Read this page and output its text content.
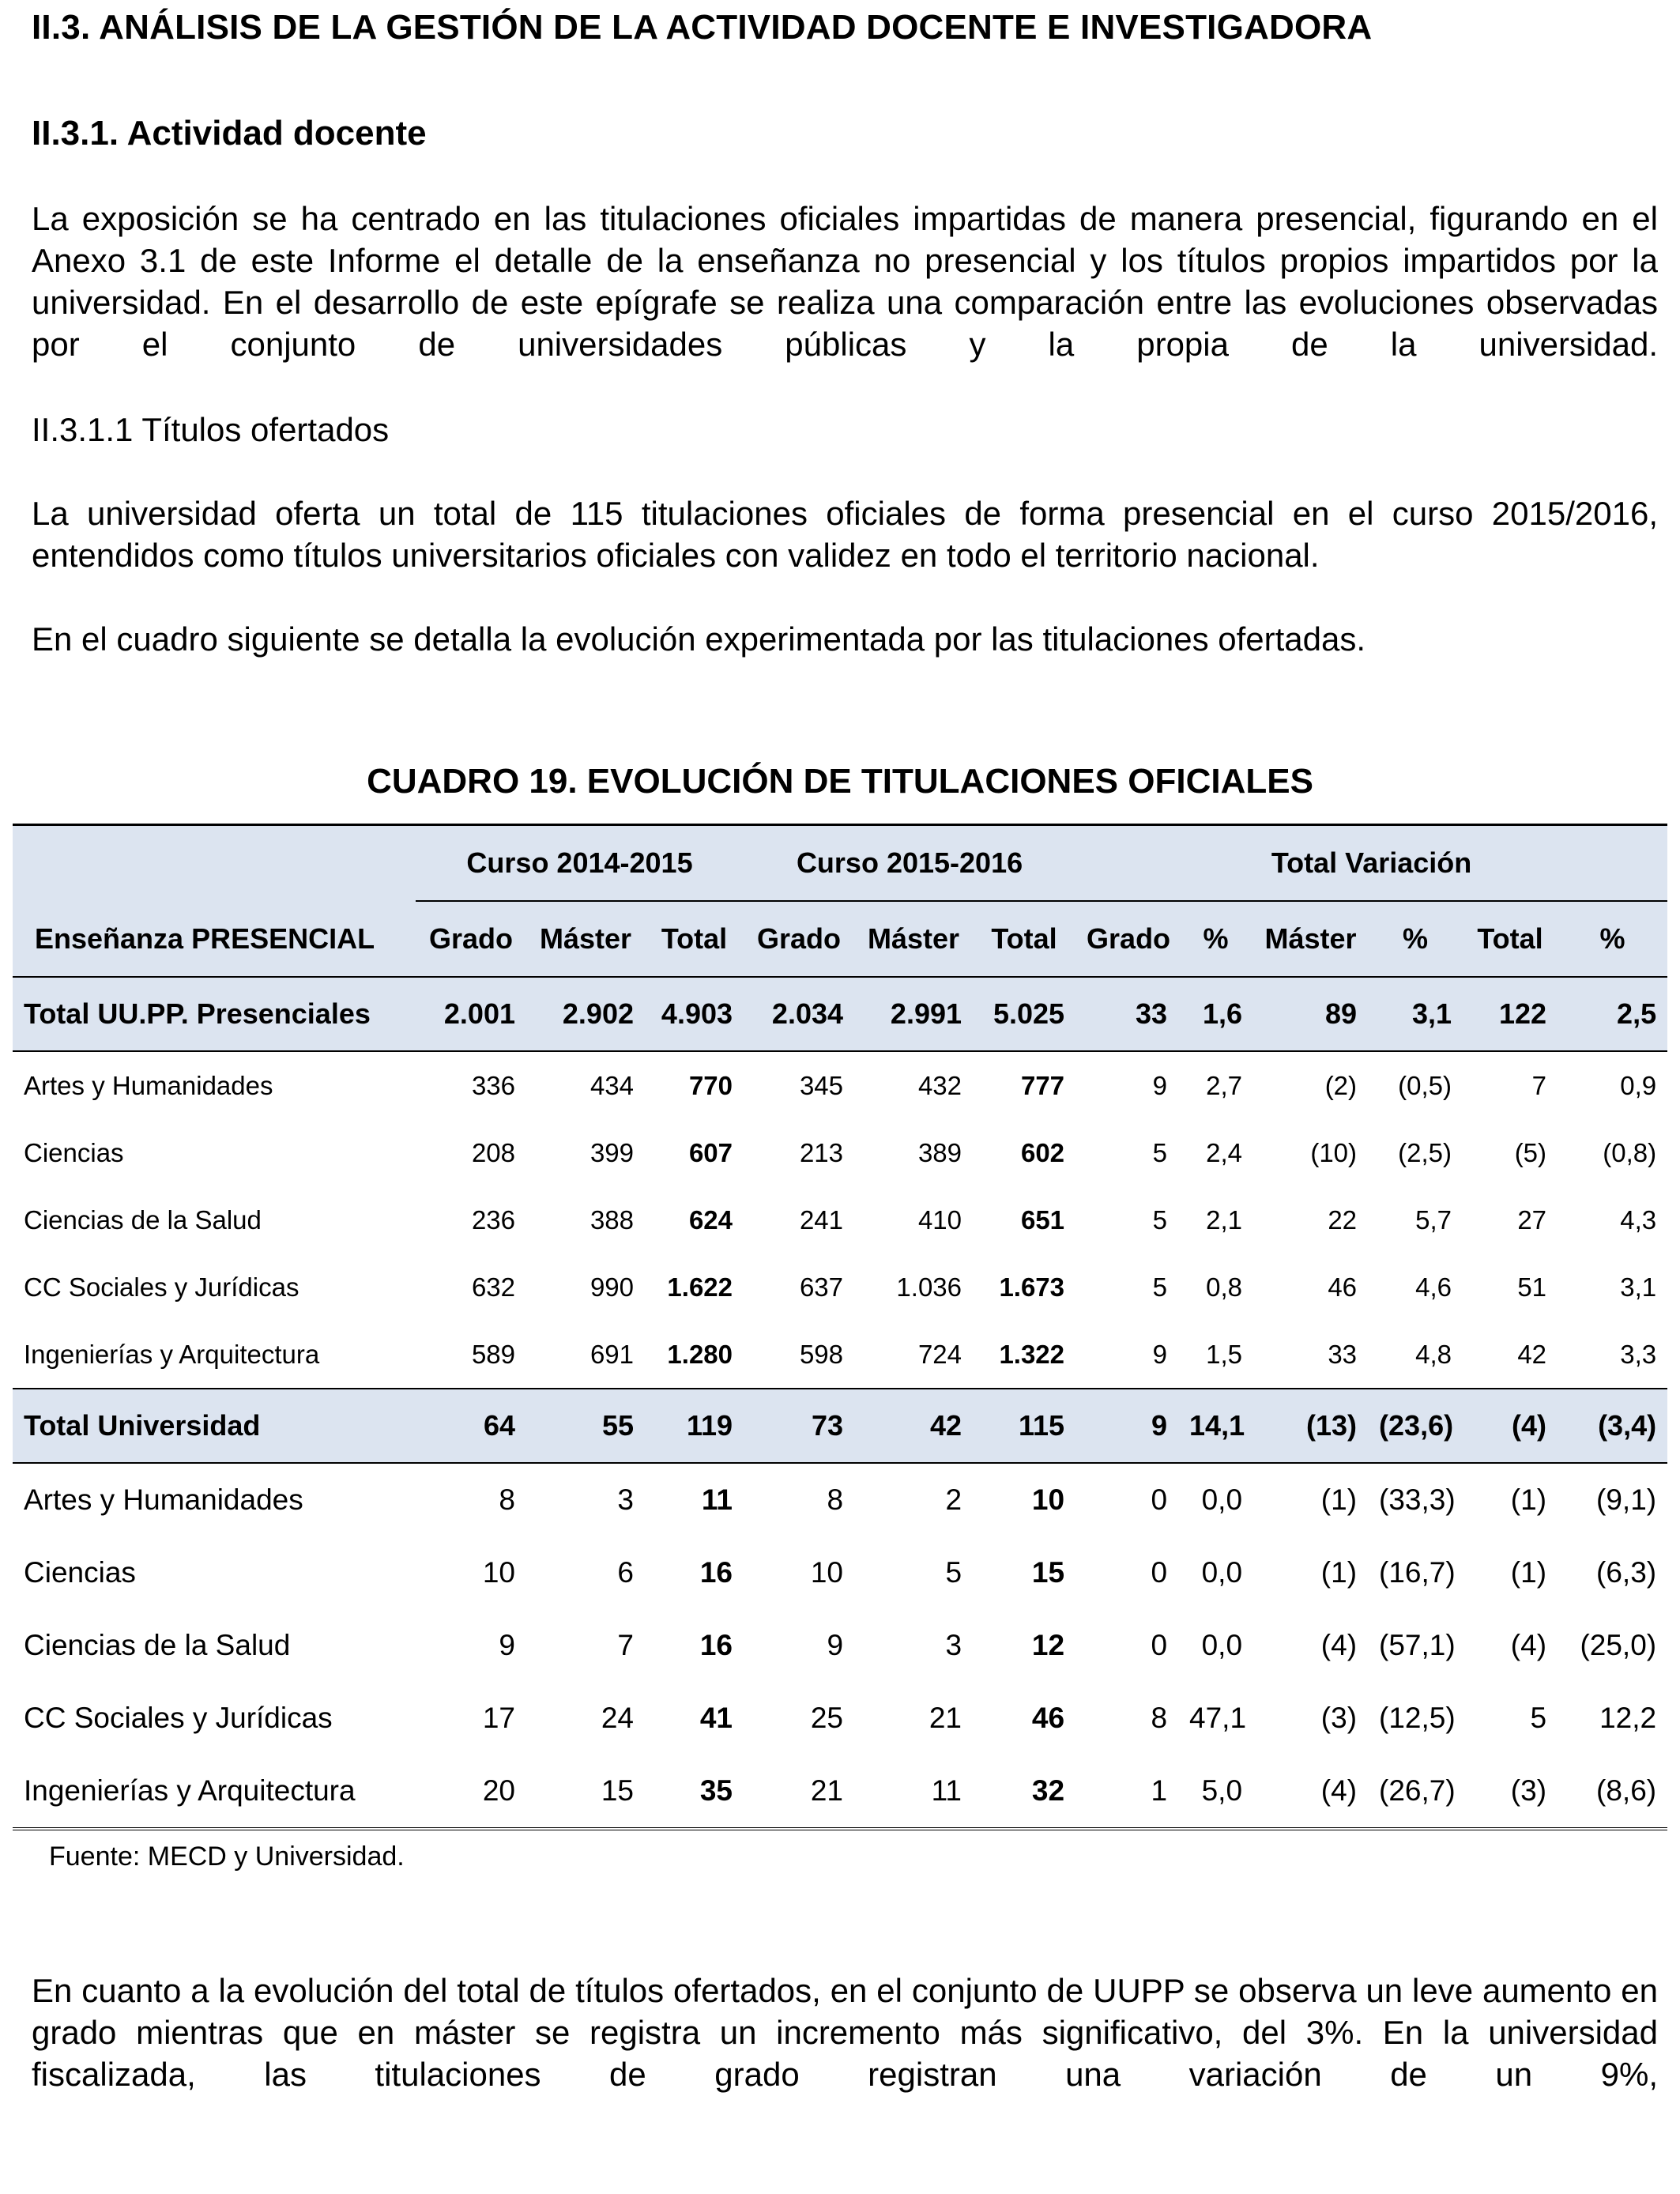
II.3. ANÁLISIS DE LA GESTIÓN DE LA ACTIVIDAD DOCENTE E INVESTIGADORA
II.3.1. Actividad docente
La exposición se ha centrado en las titulaciones oficiales impartidas de manera presencial, figurando en el Anexo 3.1 de este Informe el detalle de la enseñanza no presencial y los títulos propios impartidos por la universidad. En el desarrollo de este epígrafe se realiza una comparación entre las evoluciones observadas por el conjunto de universidades públicas y la propia de la universidad.
II.3.1.1 Títulos ofertados
La universidad oferta un total de 115 titulaciones oficiales de forma presencial en el curso 2015/2016, entendidos como títulos universitarios oficiales con validez en todo el territorio nacional.
En el cuadro siguiente se detalla la evolución experimentada por las titulaciones ofertadas.
CUADRO 19. EVOLUCIÓN DE TITULACIONES OFICIALES
	Curso 2014-2015			Curso 2015-2016			Total Variación					
Enseñanza PRESENCIAL	Grado	Máster	Total	Grado	Máster	Total	Grado	%	Máster	%	Total	%
Total UU.PP. Presenciales	2.001	2.902	4.903	2.034	2.991	5.025	33	1,6	89	3,1	122	2,5
Artes y Humanidades	336	434	770	345	432	777	9	2,7	(2)	(0,5)	7	0,9
Ciencias	208	399	607	213	389	602	5	2,4	(10)	(2,5)	(5)	(0,8)
Ciencias de la Salud	236	388	624	241	410	651	5	2,1	22	5,7	27	4,3
CC Sociales y Jurídicas	632	990	1.622	637	1.036	1.673	5	0,8	46	4,6	51	3,1
Ingenierías y Arquitectura	589	691	1.280	598	724	1.322	9	1,5	33	4,8	42	3,3
Total Universidad	64	55	119	73	42	115	9	14,1	(13)	(23,6)	(4)	(3,4)
Artes y Humanidades	8	3	11	8	2	10	0	0,0	(1)	(33,3)	(1)	(9,1)
Ciencias	10	6	16	10	5	15	0	0,0	(1)	(16,7)	(1)	(6,3)
Ciencias de la Salud	9	7	16	9	3	12	0	0,0	(4)	(57,1)	(4)	(25,0)
CC Sociales y Jurídicas	17	24	41	25	21	46	8	47,1	(3)	(12,5)	5	12,2
Ingenierías y Arquitectura	20	15	35	21	11	32	1	5,0	(4)	(26,7)	(3)	(8,6)
Fuente: MECD y Universidad.
En cuanto a la evolución del total de títulos ofertados, en el conjunto de UUPP se observa un leve aumento en grado mientras que en máster se registra un incremento más significativo, del 3%. En la universidad fiscalizada, las titulaciones de grado registran una variación de un 9%,
